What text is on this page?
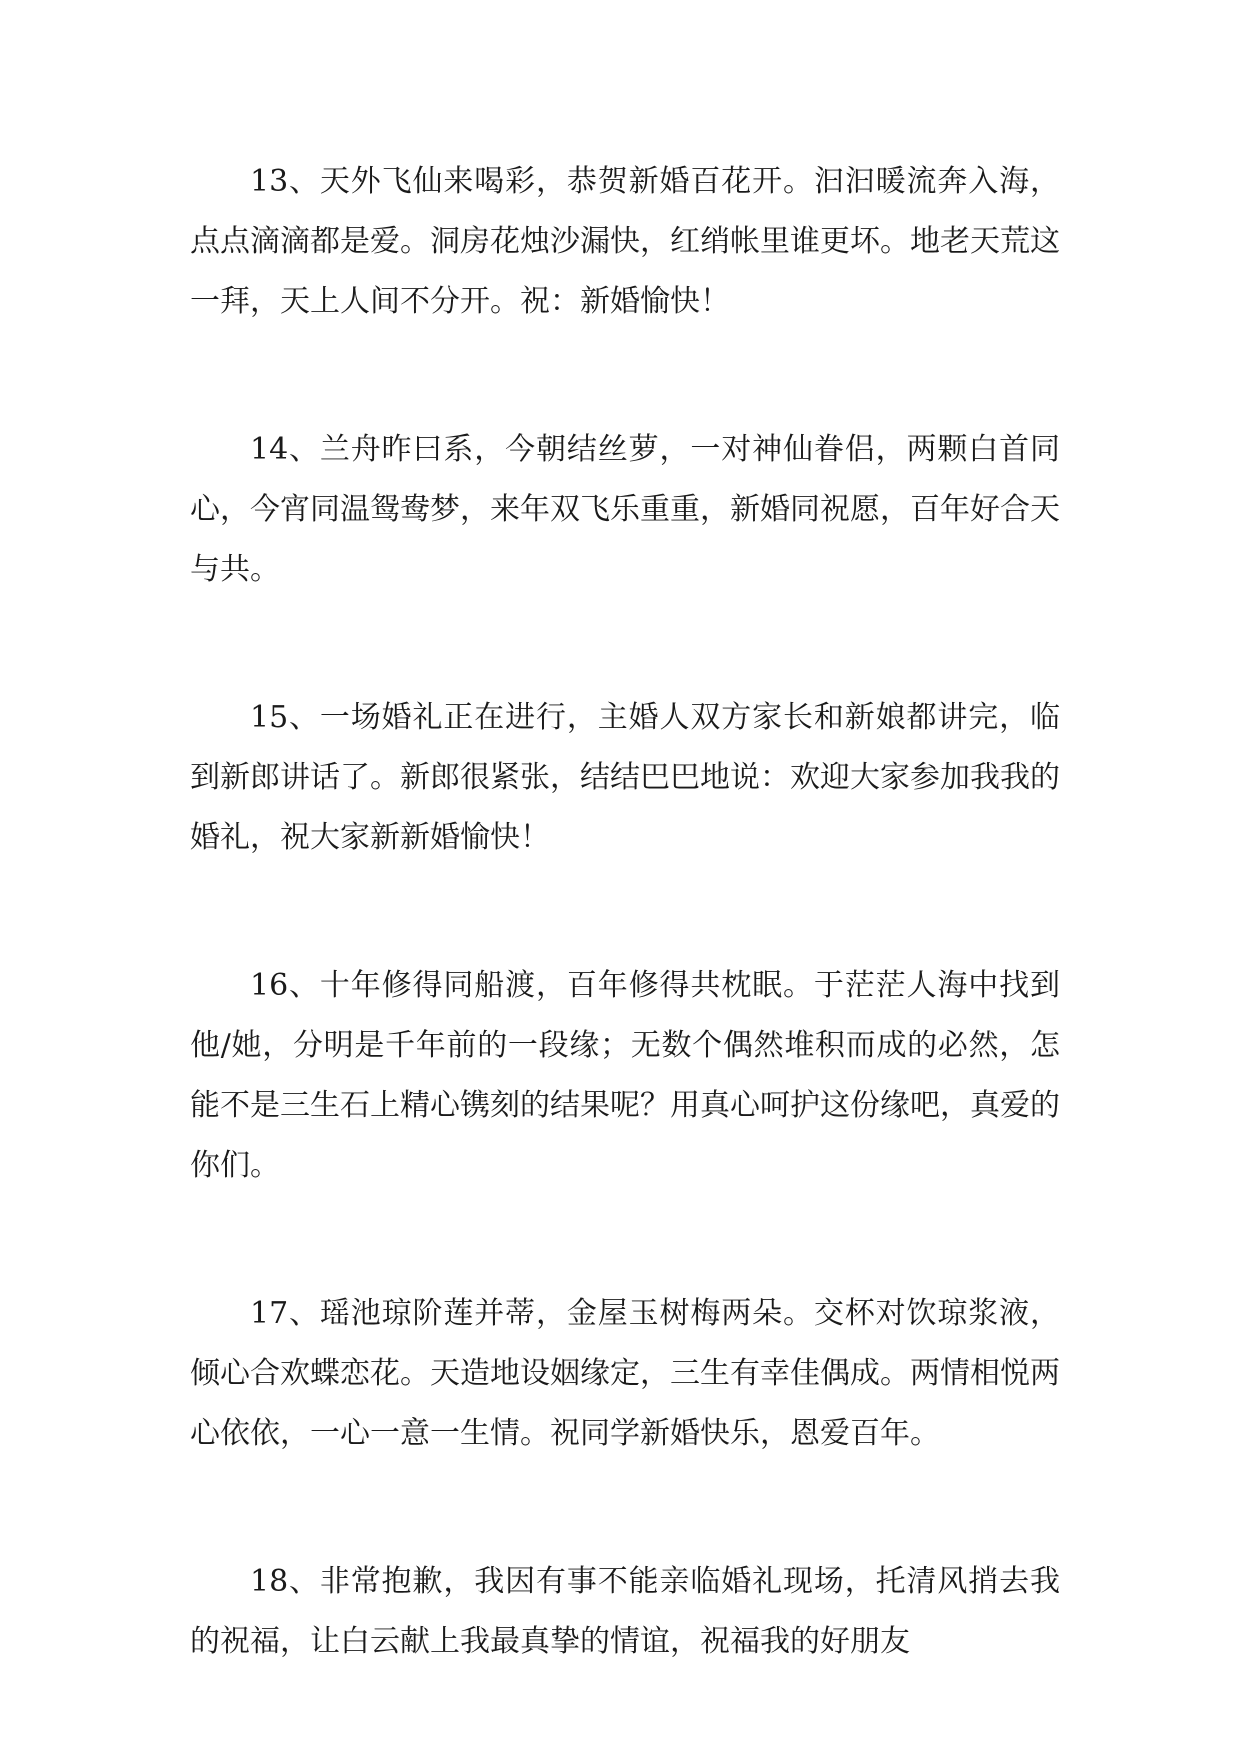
13、天外飞仙来喝彩，恭贺新婚百花开。汩汩暖流奔入海，点点滴滴都是爱。洞房花烛沙漏快，红绡帐里谁更坏。地老天荒这一拜，天上人间不分开。祝：新婚愉快！

14、兰舟昨曰系，今朝结丝萝，一对神仙眷侣，两颗白首同心，今宵同温鸳鸯梦，来年双飞乐重重，新婚同祝愿，百年好合天与共。

15、一场婚礼正在进行，主婚人双方家长和新娘都讲完，临到新郎讲话了。新郎很紧张，结结巴巴地说：欢迎大家参加我我的婚礼，祝大家新新婚愉快！

16、十年修得同船渡，百年修得共枕眠。于茫茫人海中找到他/她，分明是千年前的一段缘；无数个偶然堆积而成的必然，怎能不是三生石上精心镌刻的结果呢？用真心呵护这份缘吧，真爱的你们。

17、瑶池琼阶莲并蒂，金屋玉树梅两朵。交杯对饮琼浆液，倾心合欢蝶恋花。天造地设姻缘定，三生有幸佳偶成。两情相悦两心依依，一心一意一生情。祝同学新婚快乐，恩爱百年。

18、非常抱歉，我因有事不能亲临婚礼现场，托清风捎去我的祝福，让白云献上我最真挚的情谊，祝福我的好朋友
